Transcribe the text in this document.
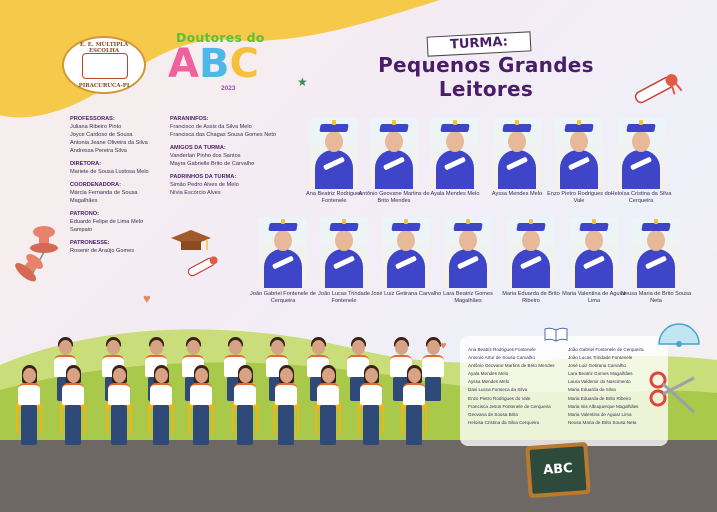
E. E. MÚLTIPLA ESCOLHA
PIRACURUCA-PI
Doutores do
ABC
2023
TURMA:
Pequenos Grandes Leitores
★

PROFESSORAS:

Juliana Ribeiro Pinto

Joyce Cardoso de Sousa

Antonia Jeane Oliveira da Silva

Andressa Pereira Silva

DIRETORA:

Mariete de Sousa Lustosa Melo

COORDENADORA:

Márcia Fernanda de Sousa

Magalhães

PATRONO:

Eduardo Felipe de Lima Melo

Sampaio

PATRONESSE:

Rosenir de Araújo Gomes

PARANINFOS:

Francisco de Assis da Silva Melo

Francisca das Chagas Sousa Gomes Neto

AMIGOS DA TURMA:

Vanderlan Pinho dos Santos

Mayra Gabrielle Brito de Carvalho

PADRINHOS DA TURMA:

Simão Pedro Alves de Melo

Nívia Escórcio Alves

♥
Ana Beatriz Rodrigues Fontenele
Antônio Geovane Martins de Brito Mendes
Ayala Mendes Melo	Ayssa Mendes Melo Enzo Pietro Rodrigues do Vale
Heloísa Cristina da Silva Cerqueira
João Gabriel Fontenele de Cerqueira
João Lucas Trindade Fontenele
José Luiz Getirana Carvalho Lara Beatriz Gomes Magalhães
Maria Eduarda de Brito Ribeiro
Maria Valentina de Aguiar Lima
Neusa Maria de Brito Sousa Neta

Ana Beatriz Rodrigues Fontenele

Antonio Artur de Sousa Carvalho

Antônio Geovane Martins de Brito Mendes

Ayala Mendes Melo

Ayssa Mendes Melo

Davi Lucca Fonseca da Silva

Enzo Pietro Rodrigues do Vale

Francisca Jesus Fontenele de Cerqueira

Geovana de Sousa Brito

Heloisa Cristina da Silva Cerqueira

João Gabriel Fontenele de Cerqueira

João Lucas Trindade Fontenele

José Luiz Getirana Carvalho

Lara Beatriz Gomes Magalhães

Laura Valdemir do Nascimento

Maria Eduarda da Silva

Maria Eduarda de Brito Ribeiro

Maria Isis Albuquerque Magalhães

Maria Valentina de Aguiar Lima

Neusa Maria de Brito Sousa Neta

♥
ABC
